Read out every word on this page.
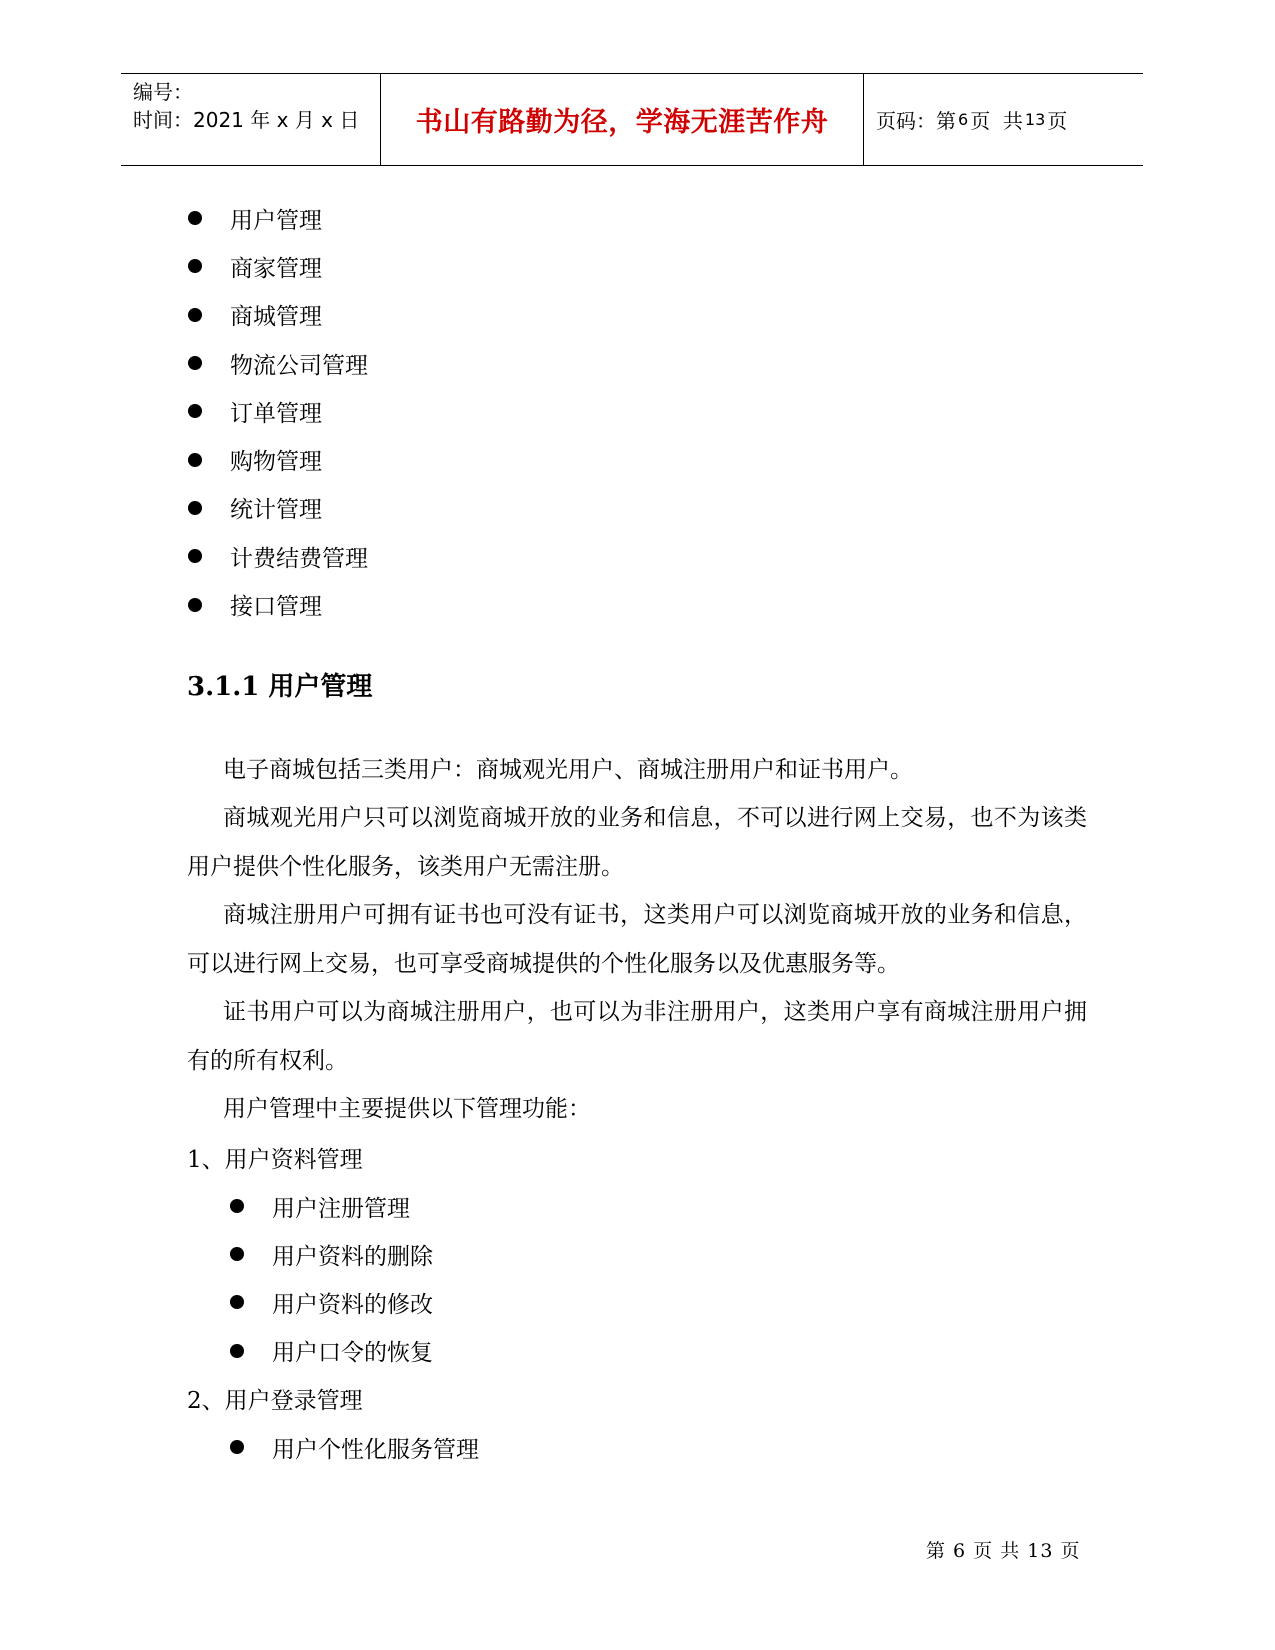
编号：
时间：2021 年 x 月 x 日	书山有路勤为径，学海无涯苦作舟 页码：第 6 页  共 13 页
用户管理
商家管理
商城管理
物流公司管理
订单管理
购物管理
统计管理
计费结费管理
接口管理
3.1.1 用户管理

电子商城包括三类用户：商城观光用户、商城注册用户和证书用户。

商城观光用户只可以浏览商城开放的业务和信息，不可以进行网上交易，也不为该类用户提供个性化服务，该类用户无需注册。

商城注册用户可拥有证书也可没有证书，这类用户可以浏览商城开放的业务和信息，可以进行网上交易，也可享受商城提供的个性化服务以及优惠服务等。

证书用户可以为商城注册用户，也可以为非注册用户，这类用户享有商城注册用户拥有的所有权利。

用户管理中主要提供以下管理功能：

1、用户资料管理
用户注册管理
用户资料的删除
用户资料的修改
用户口令的恢复
2、用户登录管理
用户个性化服务管理
第 6 页 共 13 页
